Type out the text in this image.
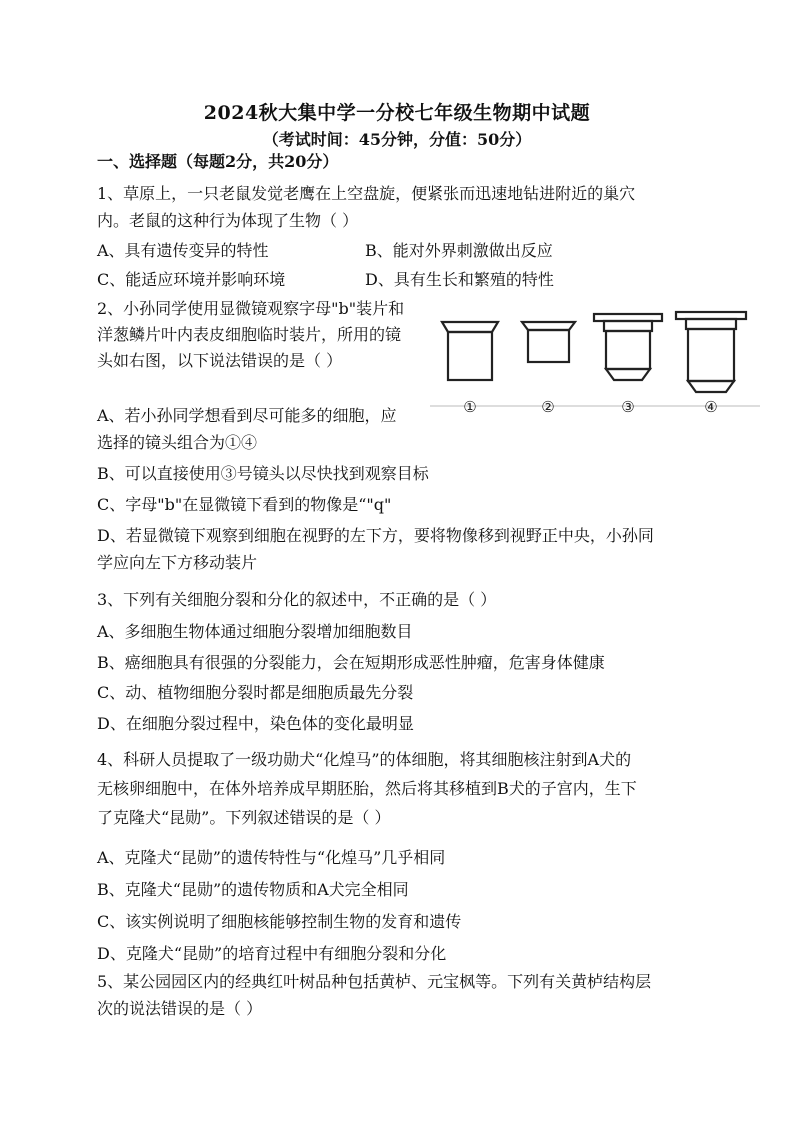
2024秋大集中学一分校七年级生物期中试题
（考试时间：45分钟，分值：50分）
一、选择题（每题2分，共20分）
1、草原上，一只老鼠发觉老鹰在上空盘旋，便紧张而迅速地钻进附近的巢穴
内。老鼠的这种行为体现了生物（ ）
A、具有遗传变异的特性	B、能对外界刺激做出反应
C、能适应环境并影响环境	D、具有生长和繁殖的特性
2、小孙同学使用显微镜观察字母"b"装片和
洋葱鳞片叶内表皮细胞临时装片，所用的镜
头如右图，以下说法错误的是（ ）
①	②	③	④
A、若小孙同学想看到尽可能多的细胞，应
选择的镜头组合为①④
B、可以直接使用③号镜头以尽快找到观察目标
C、字母"b"在显微镜下看到的物像是“"q"
D、若显微镜下观察到细胞在视野的左下方，要将物像移到视野正中央，小孙同
学应向左下方移动装片
3、下列有关细胞分裂和分化的叙述中，不正确的是（ ）
A、多细胞生物体通过细胞分裂增加细胞数目
B、癌细胞具有很强的分裂能力，会在短期形成恶性肿瘤，危害身体健康
C、动、植物细胞分裂时都是细胞质最先分裂
D、在细胞分裂过程中，染色体的变化最明显
4、科研人员提取了一级功勋犬“化煌马”的体细胞，将其细胞核注射到A犬的
无核卵细胞中，在体外培养成早期胚胎，然后将其移植到B犬的子宫内，生下
了克隆犬“昆勋”。下列叙述错误的是（ ）
A、克隆犬“昆勋”的遗传特性与“化煌马”几乎相同
B、克隆犬“昆勋”的遗传物质和A犬完全相同
C、该实例说明了细胞核能够控制生物的发育和遗传
D、克隆犬“昆勋”的培育过程中有细胞分裂和分化
5、某公园园区内的经典红叶树品种包括黄栌、元宝枫等。下列有关黄栌结构层
次的说法错误的是（ ）
